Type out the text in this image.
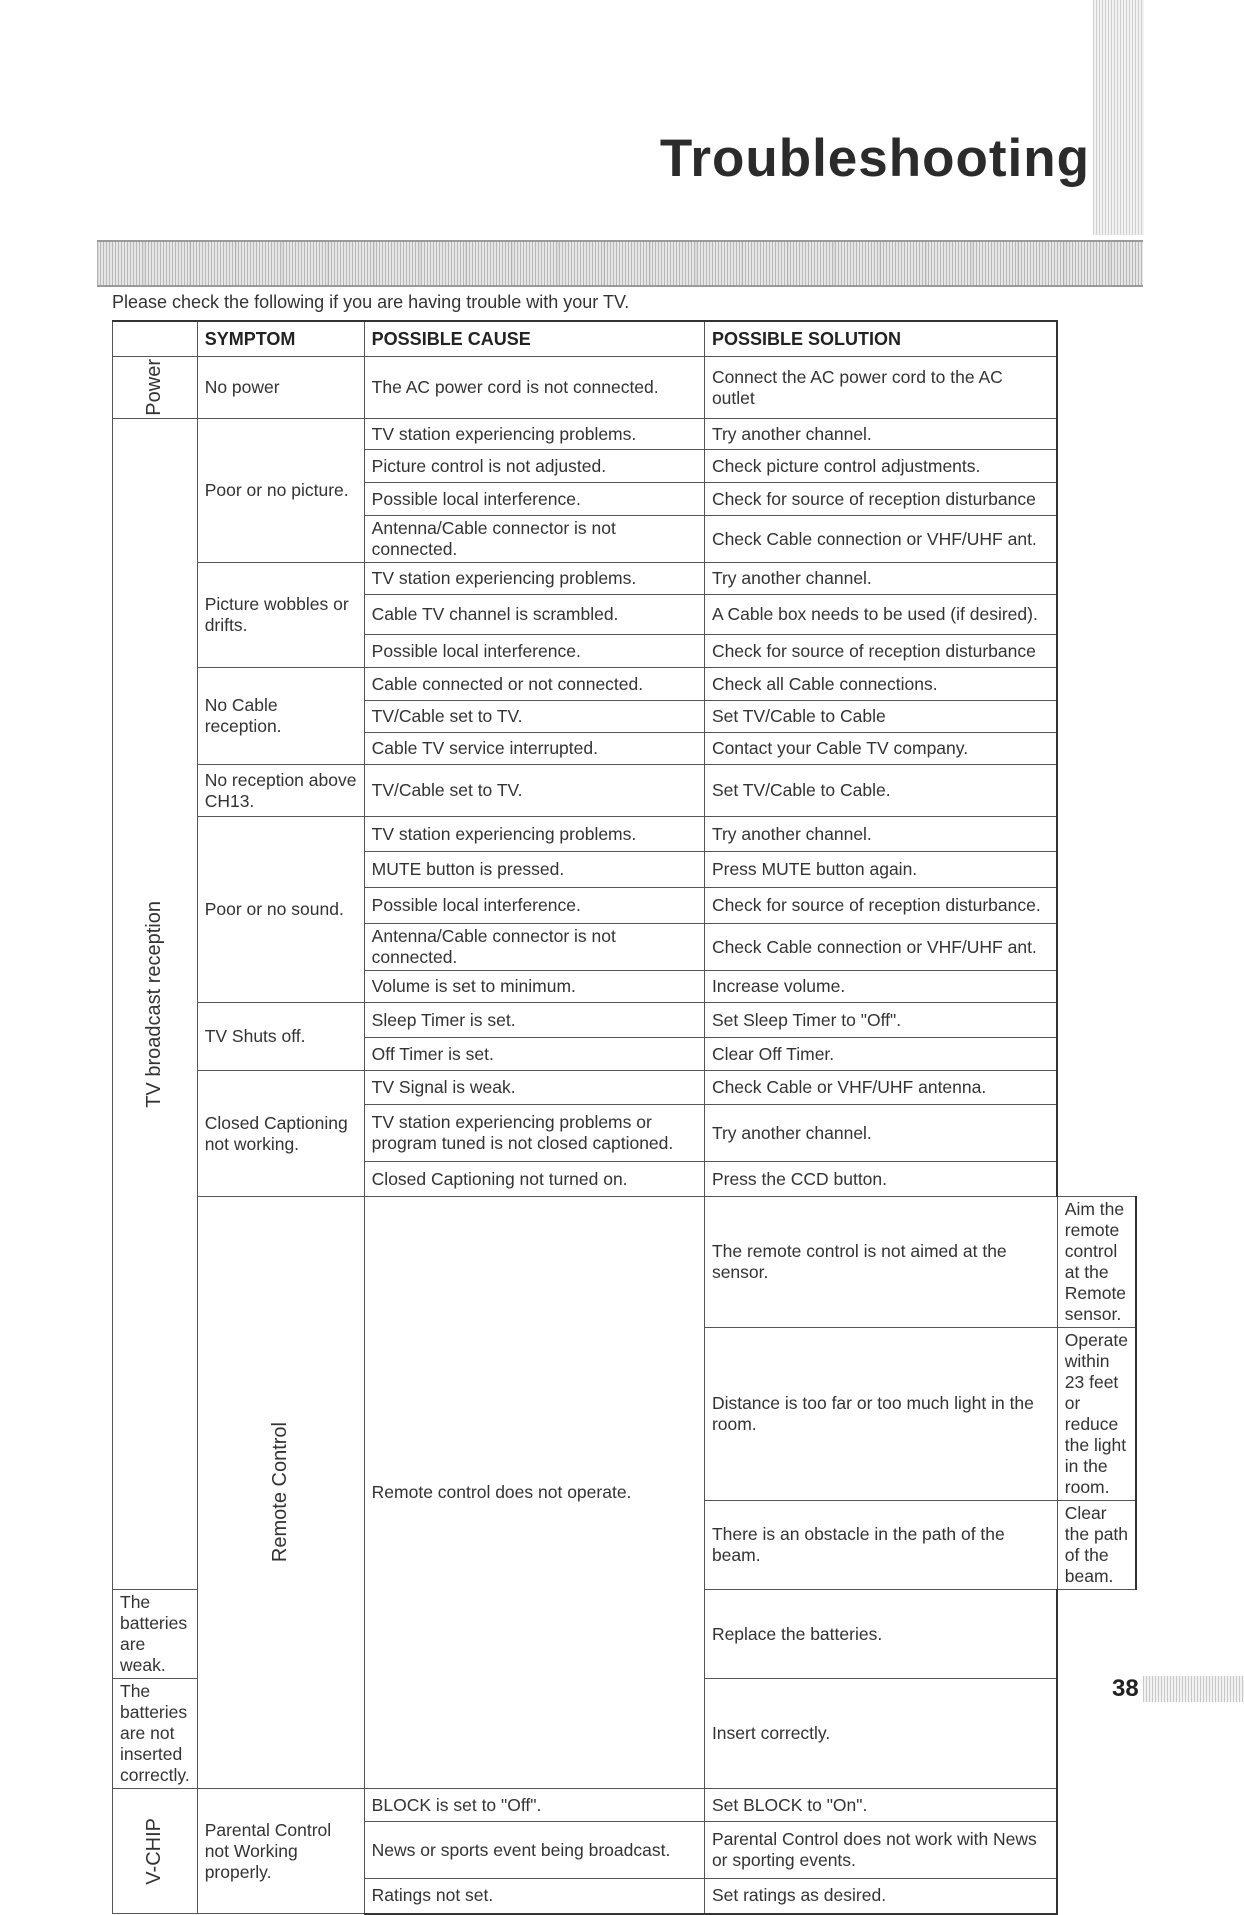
Troubleshooting
Please check the following if you are having trouble with your TV.
	SYMPTOM	POSSIBLE CAUSE	POSSIBLE SOLUTION	

Power	No power	The AC power cord is not connected.	Connect the AC power cord to the AC outlet	

TV broadcast reception	Poor or no picture.	TV station experiencing problems.	Try another channel.	
		Picture control is not adjusted.	Check picture control adjustments.	
		Possible local interference.	Check for source of reception disturbance	
		Antenna/Cable connector is not connected.	Check Cable connection or VHF/UHF ant.	
	Picture wobbles or drifts.	TV station experiencing problems.	Try another channel.	
		Cable TV channel is scrambled.	A Cable box needs to be used (if desired).	
		Possible local interference.	Check for source of reception disturbance	
	No Cable reception.	Cable connected or not connected.	Check all Cable connections.	
		TV/Cable set to TV.	Set TV/Cable to Cable	
		Cable TV service interrupted.	Contact your Cable TV company.	
	No reception above CH13.	TV/Cable set to TV.	Set TV/Cable to Cable.	
	Poor or no sound.	TV station experiencing problems.	Try another channel.	
		MUTE button is pressed.	Press MUTE button again.	
		Possible local interference.	Check for source of reception disturbance.	
		Antenna/Cable connector is not connected.	Check Cable connection or VHF/UHF ant.	
		Volume is set to minimum.	Increase volume.	
	TV Shuts off.	Sleep Timer is set.	Set Sleep Timer to "Off".	
		Off Timer is set.	Clear Off Timer.	
	Closed Captioning not working.	TV Signal is weak.	Check Cable or VHF/UHF antenna.	
		TV station experiencing problems or program tuned is not closed captioned.	Try another channel.	
		Closed Captioning not turned on.	Press the CCD button.	

	Remote Control	Remote control does not operate.	The remote control is not aimed at the sensor.	Aim the remote control at the Remote sensor.
			Distance is too far or too much light in the room.	Operate within 23 feet or reduce the light in the room.
			There is an obstacle in the path of the beam.	Clear the path of the beam.
The batteries are weak.			Replace the batteries.	
The batteries are not inserted correctly.			Insert correctly.	

V-CHIP	Parental Control not Working properly.	BLOCK is set to "Off".	Set BLOCK to "On".	
		News or sports event being broadcast.	Parental Control does not work with News or sporting events.	
		Ratings not set.	Set ratings as desired.	
38
